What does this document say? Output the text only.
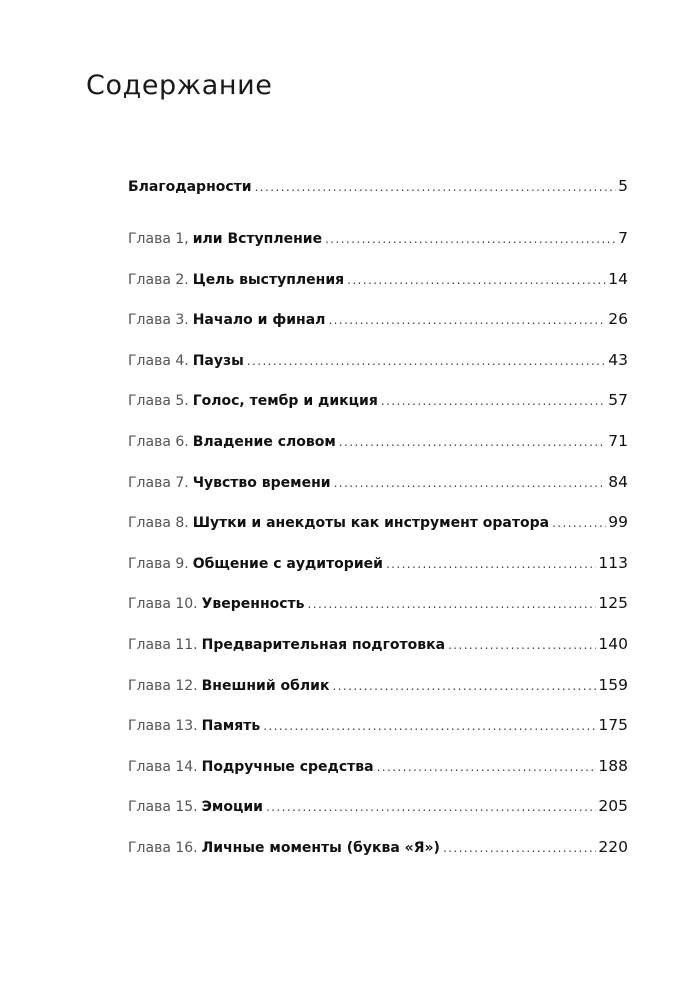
Содержание
Благодарности .....	5
Глава 1, или Вступление .....	7
Глава 2. Цель выступления .....	14
Глава 3. Начало и финал .....	26
Глава 4. Паузы .....	43
Глава 5. Голос, тембр и дикция .....	57
Глава 6. Владение словом .....	71
Глава 7. Чувство времени .....	84
Глава 8. Шутки и анекдоты как инструмент оратора .....	99
Глава 9. Общение с аудиторией .....	113
Глава 10. Уверенность .....	125
Глава 11. Предварительная подготовка .....	140
Глава 12. Внешний облик .....	159
Глава 13. Память .....	175
Глава 14. Подручные средства .....	188
Глава 15. Эмоции .....	205
Глава 16. Личные моменты (буква «Я») .....	220
